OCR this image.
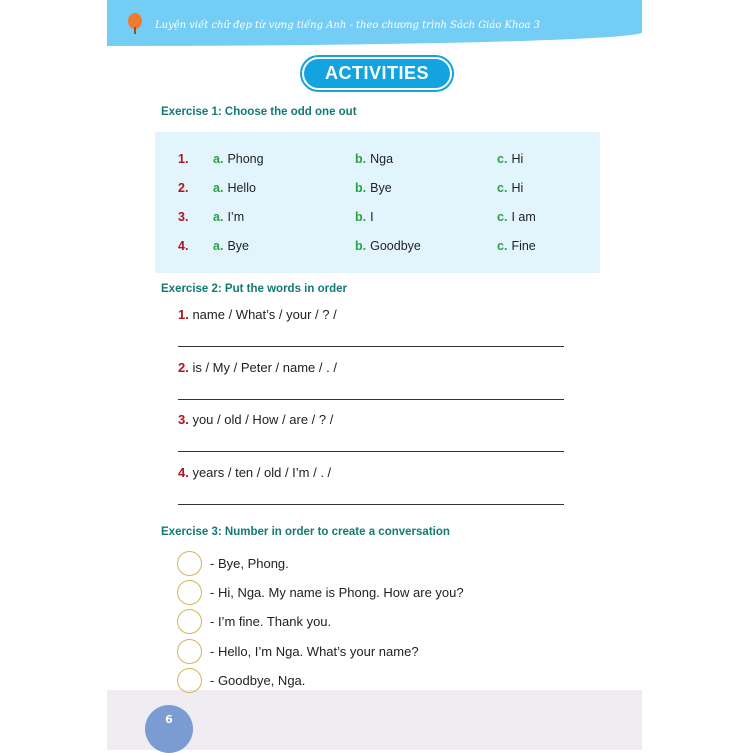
Luyện viết chữ đẹp từ vựng tiếng Anh - theo chương trình Sách Giáo Khoa 3
ACTIVITIES
Exercise 1: Choose the odd one out
1. a. Phong	b. Nga	c. Hi
2. a. Hello	b. Bye	c. Hi
3. a. I’m	b. I	c. I am
4. a. Bye	b. Goodbye	c. Fine
Exercise 2: Put the words in order
1. name / What’s / your / ? /
2. is / My / Peter / name / . /
3. you / old / How / are / ? /
4. years / ten / old / I’m / . /
Exercise 3: Number in order to create a conversation
- Bye, Phong.
- Hi, Nga. My name is Phong. How are you?
- I’m fine. Thank you.
- Hello, I’m Nga. What’s your name?
- Goodbye, Nga.
6
